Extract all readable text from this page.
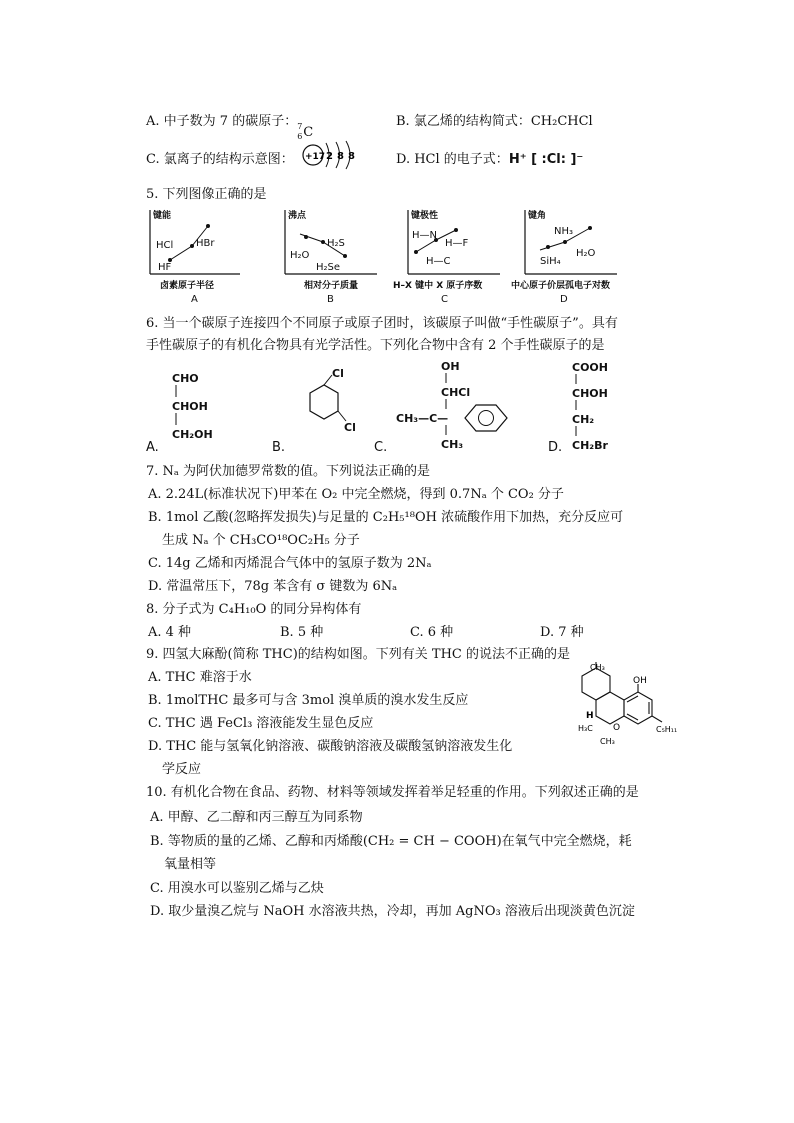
A. 中子数为 7 的碳原子： 7
6 C
B. 氯乙烯的结构简式：CH₂CHCl
C. 氯离子的结构示意图： +17 2 8 8	D. HCl 的电子式：H⁺ [ :Cl: ]⁻
5. 下列图像正确的是
键能
HF
HCl HBr
卤素原子半径
A
沸点
H₂O
H₂S
H₂Se
相对分子质量
B
键极性
H—N
H—F
H—C
H–X 键中 X 原子序数
C
键角
SiH₄
NH₃
H₂O
中心原子价层孤电子对数
D
6. 当一个碳原子连接四个不同原子或原子团时，该碳原子叫做“手性碳原子”。具有
手性碳原子的有机化合物具有光学活性。下列化合物中含有 2 个手性碳原子的是
CHO
CHOH
CH₂OH
A.
Cl
Cl
B.
OH
CHCl
CH₃—C—
CH₃
C.
COOH
CHOH
CH₂
CH₂Br
D.
7. Nₐ 为阿伏加德罗常数的值。下列说法正确的是
A. 2.24L(标准状况下)甲苯在 O₂ 中完全燃烧，得到 0.7Nₐ 个 CO₂ 分子
B. 1mol 乙酸(忽略挥发损失)与足量的 C₂H₅¹⁸OH 浓硫酸作用下加热，充分反应可
生成 Nₐ 个 CH₃CO¹⁸OC₂H₅ 分子
C. 14g 乙烯和丙烯混合气体中的氢原子数为 2Nₐ
D. 常温常压下，78g 苯含有 σ 键数为 6Nₐ
8. 分子式为 C₄H₁₀O 的同分异构体有
A. 4 种	B. 5 种	C. 6 种	D. 7 种
9. 四氢大麻酚(简称 THC)的结构如图。下列有关 THC 的说法不正确的是
A. THC 难溶于水
B. 1molTHC 最多可与含 3mol 溴单质的溴水发生反应
C. THC 遇 FeCl₃ 溶液能发生显色反应
D. THC 能与氢氧化钠溶液、碳酸钠溶液及碳酸氢钠溶液发生化
学反应
CH₃
OH
H
H₃C
CH₃
O	C₅H₁₁
10. 有机化合物在食品、药物、材料等领域发挥着举足轻重的作用。下列叙述正确的是
A. 甲醇、乙二醇和丙三醇互为同系物
B. 等物质的量的乙烯、乙醇和丙烯酸(CH₂ = CH − COOH)在氧气中完全燃烧，耗
氧量相等
C. 用溴水可以鉴别乙烯与乙炔
D. 取少量溴乙烷与 NaOH 水溶液共热，冷却，再加 AgNO₃ 溶液后出现淡黄色沉淀
